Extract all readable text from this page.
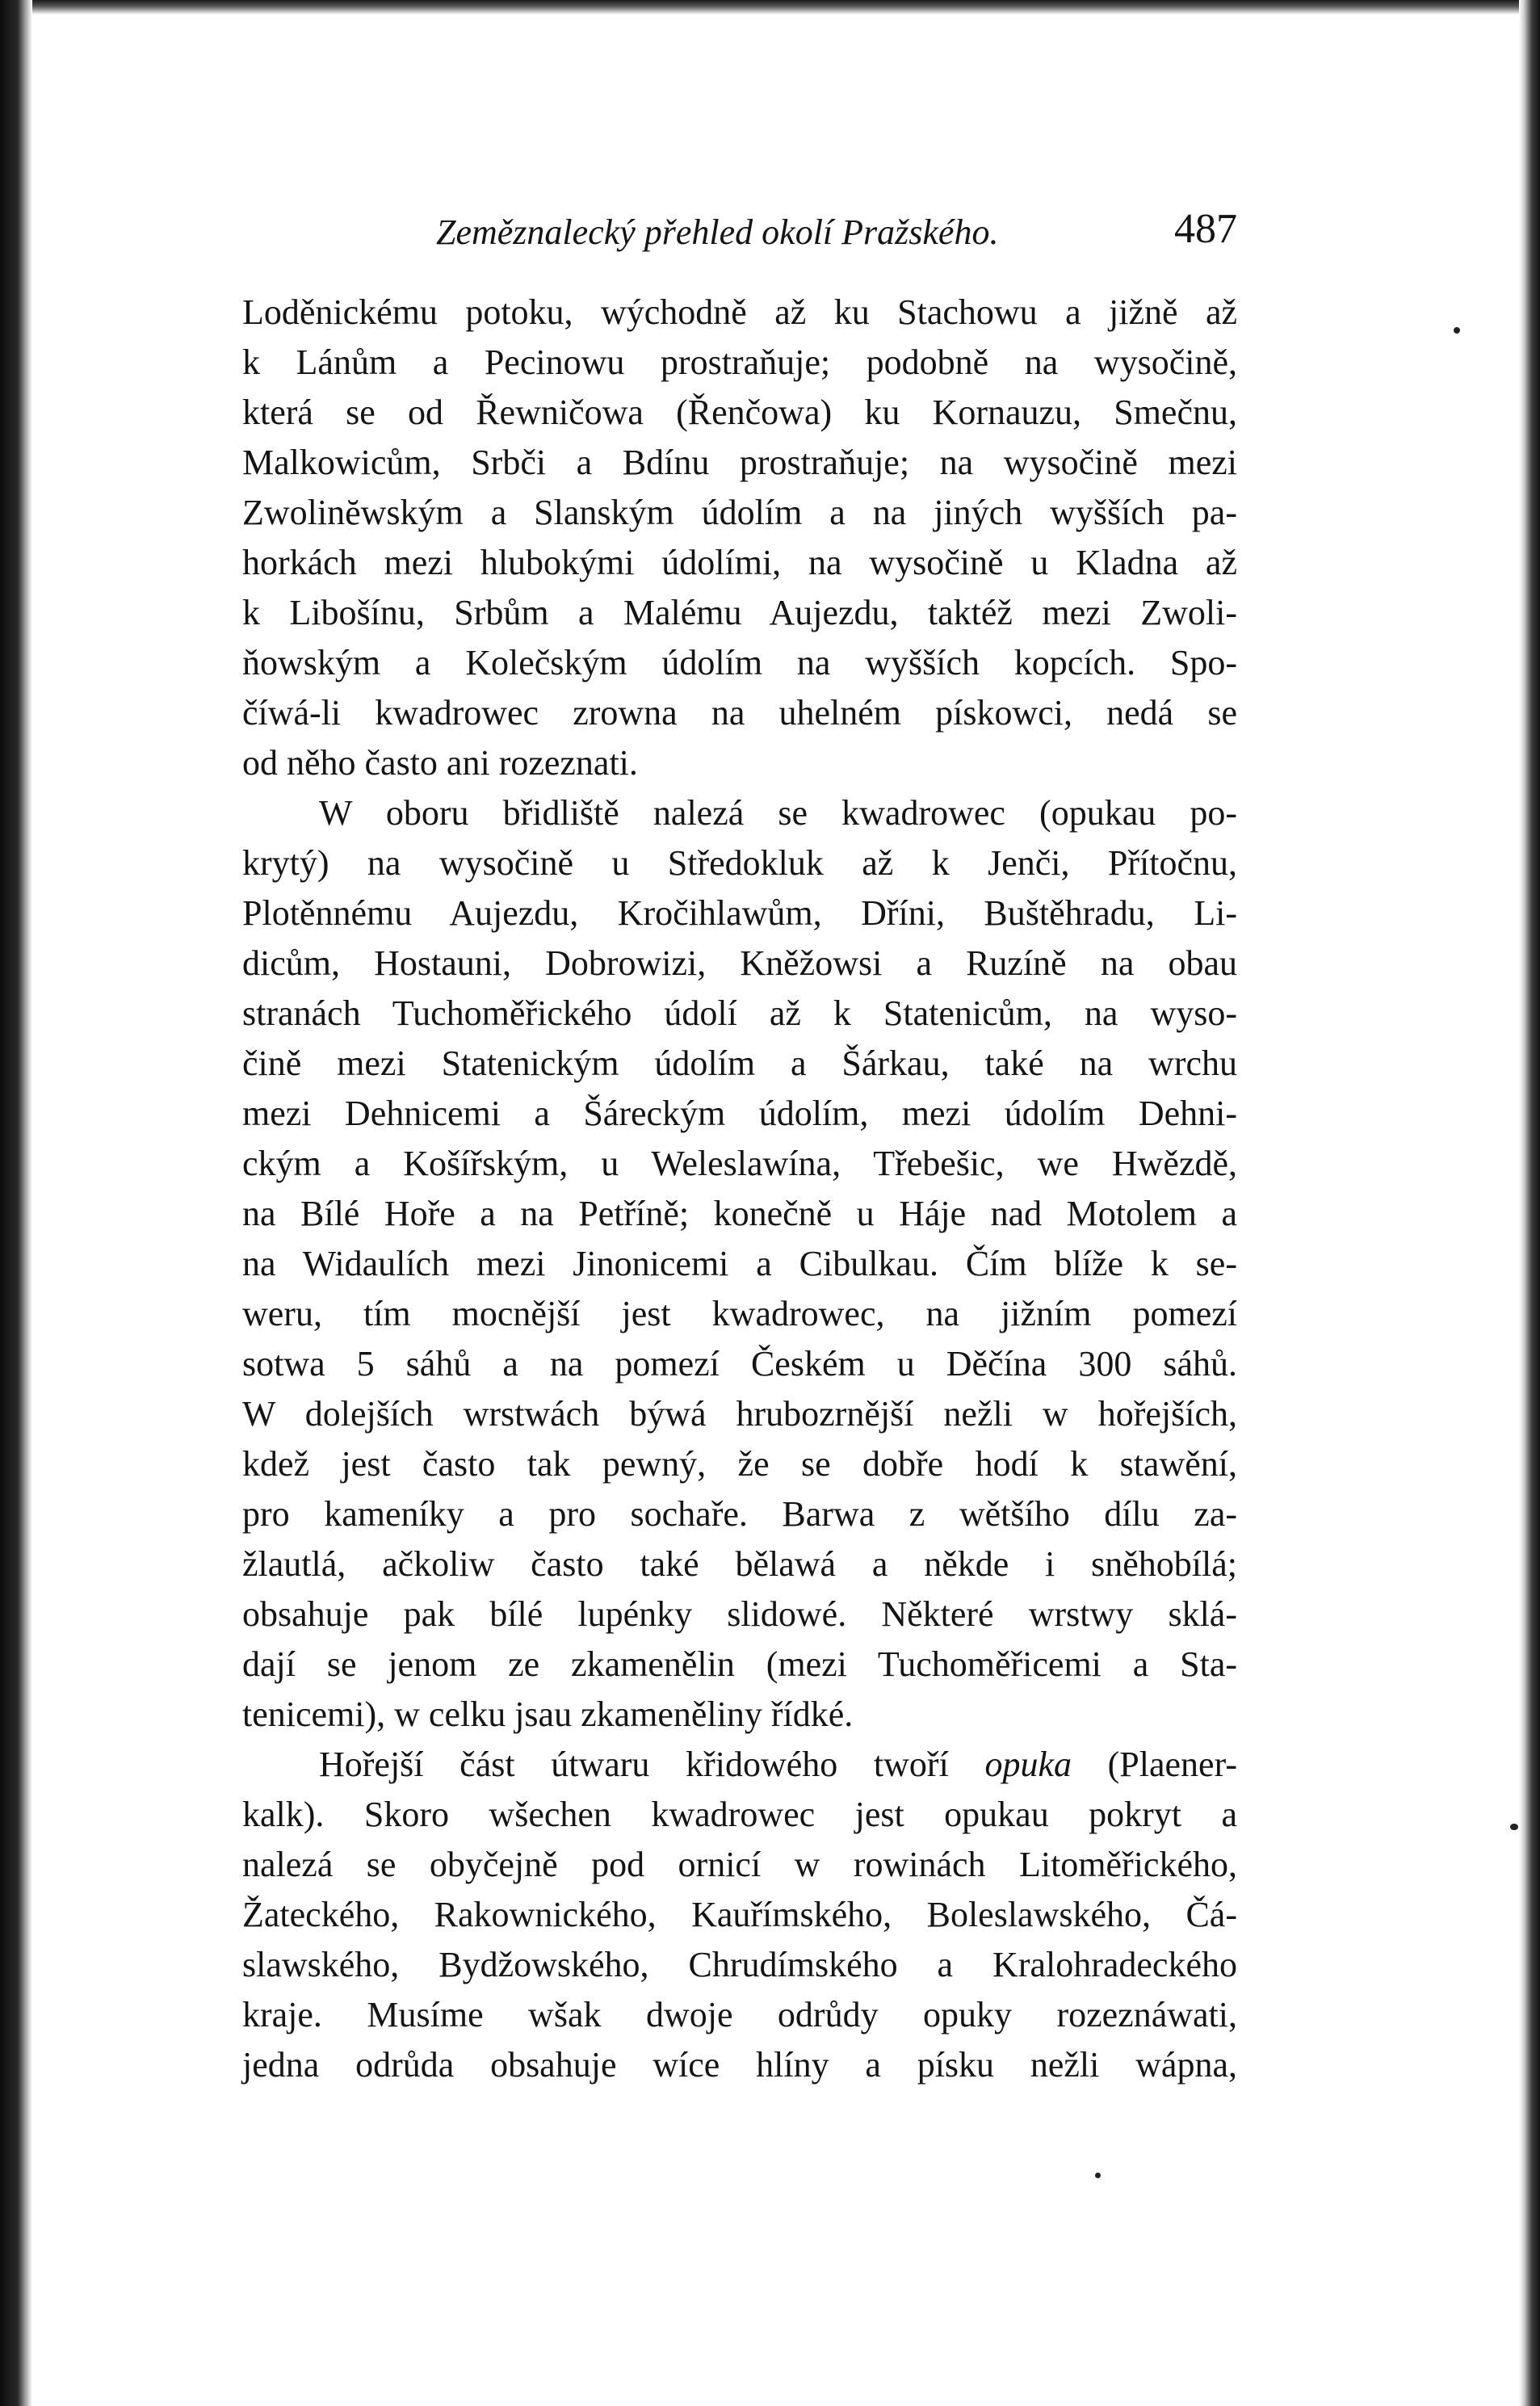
Zeměznalecký přehled okolí Pražského.	487
Loděnickému potoku, wýchodně až ku Stachowu a jižně až
k Lánům a Pecinowu prostraňuje; podobně na wysočině,
která se od Řewničowa (Řenčowa) ku Kornauzu, Smečnu,
Malkowicům, Srbči a Bdínu prostraňuje; na wysočině mezi
Zwolinĕwským a Slanským údolím a na jiných wyšších pa-
horkách mezi hlubokými údolími, na wysočině u Kladna až
k Libošínu, Srbům a Malému Aujezdu, taktéž mezi Zwoli-
ňowským a Kolečským údolím na wyšších kopcích. Spo-
číwá-li kwadrowec zrowna na uhelném pískowci, nedá se
od něho často ani rozeznati.
W oboru břidliště nalezá se kwadrowec (opukau po-
krytý) na wysočině u Středokluk až k Jenči, Přítočnu,
Plotěnnému Aujezdu, Kročihlawům, Dříni, Buštěhradu, Li-
dicům, Hostauni, Dobrowizi, Kněžowsi a Ruzíně na obau
stranách Tuchoměřického údolí až k Statenicům, na wyso-
čině mezi Statenickým údolím a Šárkau, také na wrchu
mezi Dehnicemi a Šáreckým údolím, mezi údolím Dehni-
ckým a Košířským, u Weleslawína, Třebešic, we Hwězdě,
na Bílé Hoře a na Petříně; konečně u Háje nad Motolem a
na Widaulích mezi Jinonicemi a Cibulkau. Čím blíže k se-
weru, tím mocnější jest kwadrowec, na jižním pomezí
sotwa 5 sáhů a na pomezí Českém u Děčína 300 sáhů.
W dolejších wrstwách býwá hrubozrnější nežli w hořejších,
kdež jest často tak pewný, že se dobře hodí k stawění,
pro kameníky a pro sochaře. Barwa z wětšího dílu za-
žlautlá, ačkoliw často také bělawá a někde i sněhobílá;
obsahuje pak bílé lupénky slidowé. Některé wrstwy sklá-
dají se jenom ze zkamenělin (mezi Tuchoměřicemi a Sta-
tenicemi), w celku jsau zkameněliny řídké.
Hořejší část útwaru křidowého twoří opuka (Plaener-
kalk). Skoro wšechen kwadrowec jest opukau pokryt a
nalezá se obyčejně pod ornicí w rowinách Litoměřického,
Žateckého, Rakownického, Kauřímského, Boleslawského, Čá-
slawského, Bydžowského, Chrudímského a Kralohradeckého
kraje. Musíme wšak dwoje odrůdy opuky rozeznáwati,
jedna odrůda obsahuje wíce hlíny a písku nežli wápna,
